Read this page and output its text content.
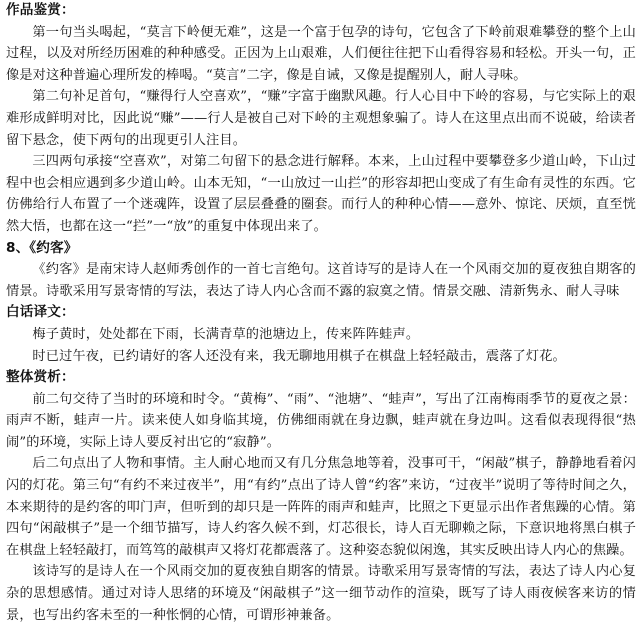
作品鉴赏：

第一句当头喝起，“莫言下岭便无难”，这是一个富于包孕的诗句，它包含了下岭前艰难攀登的整个上山过程，以及对所经历困难的种种感受。正因为上山艰难，人们便往往把下山看得容易和轻松。开头一句，正像是对这种普遍心理所发的棒喝。“莫言”二字，像是自诫，又像是提醒别人，耐人寻味。

第二句补足首句，“赚得行人空喜欢”，“赚”字富于幽默风趣。行人心目中下岭的容易，与它实际上的艰难形成鲜明对比，因此说“赚”——行人是被自己对下岭的主观想象骗了。诗人在这里点出而不说破，给读者留下悬念，使下两句的出现更引人注目。

三四两句承接“空喜欢”，对第二句留下的悬念进行解释。本来，上山过程中要攀登多少道山岭，下山过程中也会相应遇到多少道山岭。山本无知，“一山放过一山拦”的形容却把山变成了有生命有灵性的东西。它仿佛给行人布置了一个迷魂阵，设置了层层叠叠的圈套。而行人的种种心情——意外、惊诧、厌烦，直至恍然大悟，也都在这一“拦”一“放”的重复中体现出来了。

8、《约客》

《约客》是南宋诗人赵师秀创作的一首七言绝句。这首诗写的是诗人在一个风雨交加的夏夜独自期客的情景。诗歌采用写景寄情的写法，表达了诗人内心含而不露的寂寞之情。情景交融、清新隽永、耐人寻味

白话译文：

梅子黄时，处处都在下雨，长满青草的池塘边上，传来阵阵蛙声。

时已过午夜，已约请好的客人还没有来，我无聊地用棋子在棋盘上轻轻敲击，震落了灯花。

整体赏析：

前二句交待了当时的环境和时令。“黄梅”、“雨”、“池塘”、“蛙声”，写出了江南梅雨季节的夏夜之景：雨声不断，蛙声一片。读来使人如身临其境，仿佛细雨就在身边飘，蛙声就在身边叫。这看似表现得很“热闹”的环境，实际上诗人要反衬出它的“寂静”。

后二句点出了人物和事情。主人耐心地而又有几分焦急地等着，没事可干，“闲敲”棋子，静静地看着闪闪的灯花。第三句“有约不来过夜半”，用“有约”点出了诗人曾“约客”来访，“过夜半”说明了等待时间之久，本来期待的是约客的叩门声，但听到的却只是一阵阵的雨声和蛙声，比照之下更显示出作者焦躁的心情。第四句“闲敲棋子”是一个细节描写，诗人约客久候不到，灯芯很长，诗人百无聊赖之际，下意识地将黑白棋子在棋盘上轻轻敲打，而笃笃的敲棋声又将灯花都震落了。这种姿态貌似闲逸，其实反映出诗人内心的焦躁。

该诗写的是诗人在一个风雨交加的夏夜独自期客的情景。诗歌采用写景寄情的写法，表达了诗人内心复杂的思想感情。通过对诗人思绪的环境及“闲敲棋子”这一细节动作的渲染，既写了诗人雨夜候客来访的情景，也写出约客未至的一种怅惘的心情，可谓形神兼备。
